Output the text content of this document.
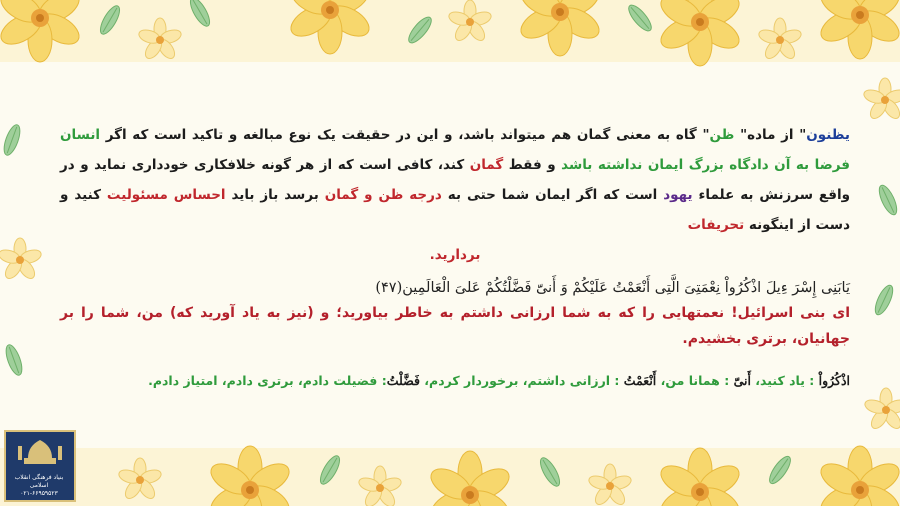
یظنون" از ماده" ظن" گاه به معنی گمان هم میتواند باشد، و این در حقیقت یک نوع مبالغه و تاکید است که اگر انسان فرضا به آن دادگاه بزرگ ایمان نداشته باشد و فقط گمان کند، کافی است که از هر گونه خلافکاری خودداری نماید و در واقع سرزنش به علماء یهود است که اگر ایمان شما حتی به درجه ظن و گمان برسد باز باید احساس مسئولیت کنید و دست از اینگونه تحریفات
بردارید.

یَابَنِی إِسْرَ ءِیلَ اذْکُرُواْ نِعْمَتِیَ الَّتِی أَنْعَمْتُ عَلَیْکُمْ وَ أَنیّ‌َ فَضَّلْتُکُمْ عَلیَ الْعَالَمِین(۴۷)
ای بنی اسرائیل! نعمتهایی را که به شما ارزانی داشتم به خاطر بیاورید؛ و (نیز به یاد آورید که) من، شما را بر جهانیان، برتری بخشیدم.
اذْکُرُواْ : یاد کنید، أَنیّ‌َ : همانا من، أَنْعَمْتُ : ارزانی داشتم، برخوردار کردم، فَضَّلْتُ: فضیلت دادم، برتری دادم، امتیاز دادم.
بنیاد فرهنگی انقلاب اسلامی
۰۲۱-۶۶۹۵۹۵۲۳
